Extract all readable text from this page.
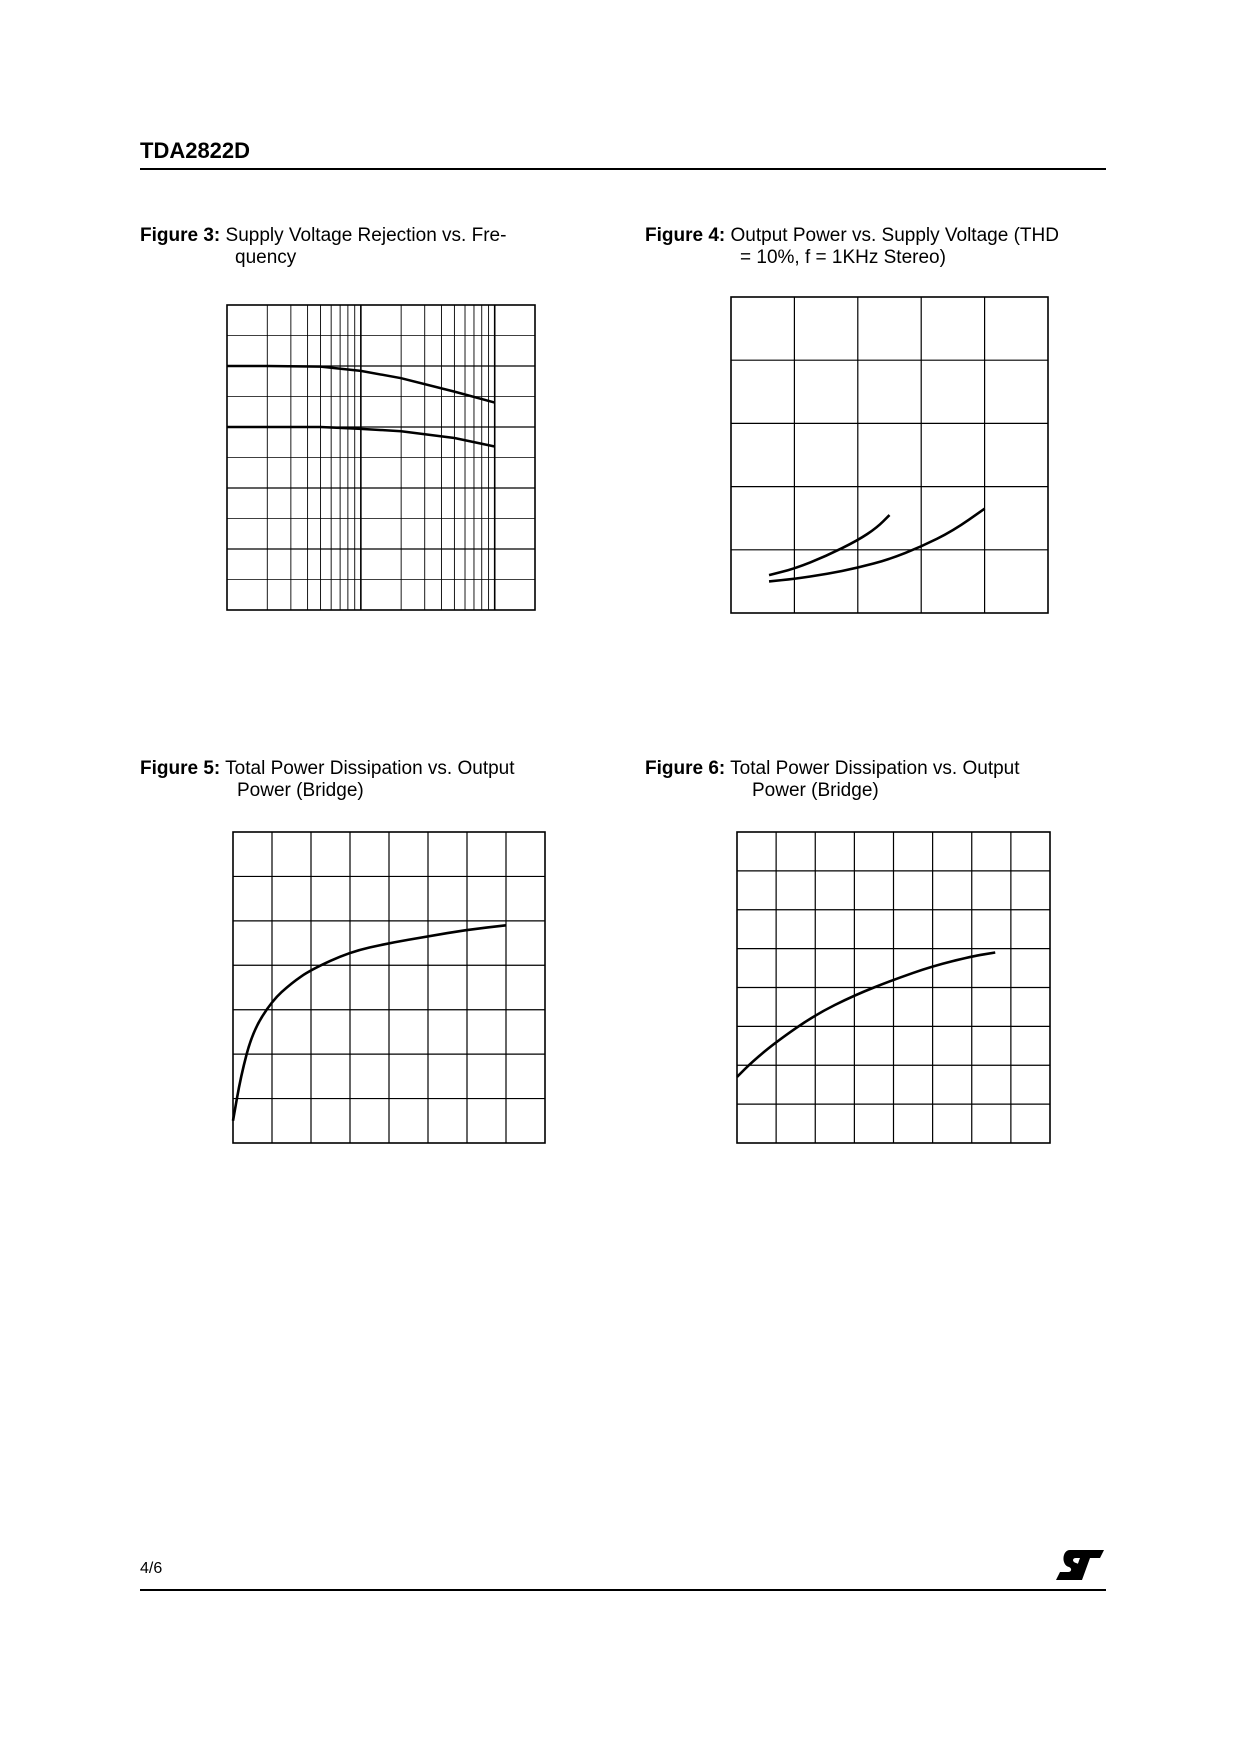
TDA2822D
Figure 3: Supply Voltage Rejection vs. Fre-
quency
Figure 4: Output Power vs. Supply Voltage (THD
= 10%, f = 1KHz Stereo)
Figure 5: Total Power Dissipation vs. Output
Power (Bridge)
Figure 6: Total Power Dissipation vs. Output
Power (Bridge)
4/6
